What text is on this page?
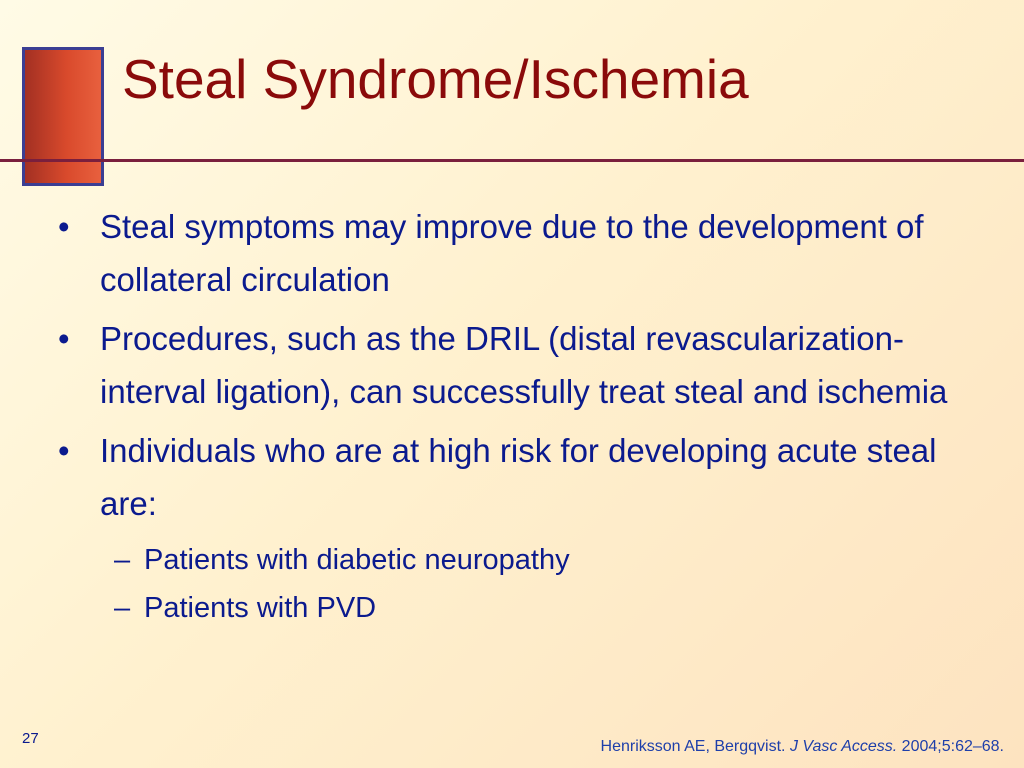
Steal Syndrome/Ischemia

• Steal symptoms may improve due to the development of collateral circulation

• Procedures, such as the DRIL (distal revascularization-interval ligation), can successfully treat steal and ischemia

• Individuals who are at high risk for developing acute steal are:

– Patients with diabetic neuropathy

– Patients with PVD

27	Henriksson AE, Bergqvist. J Vasc Access. 2004;5:62–68.
